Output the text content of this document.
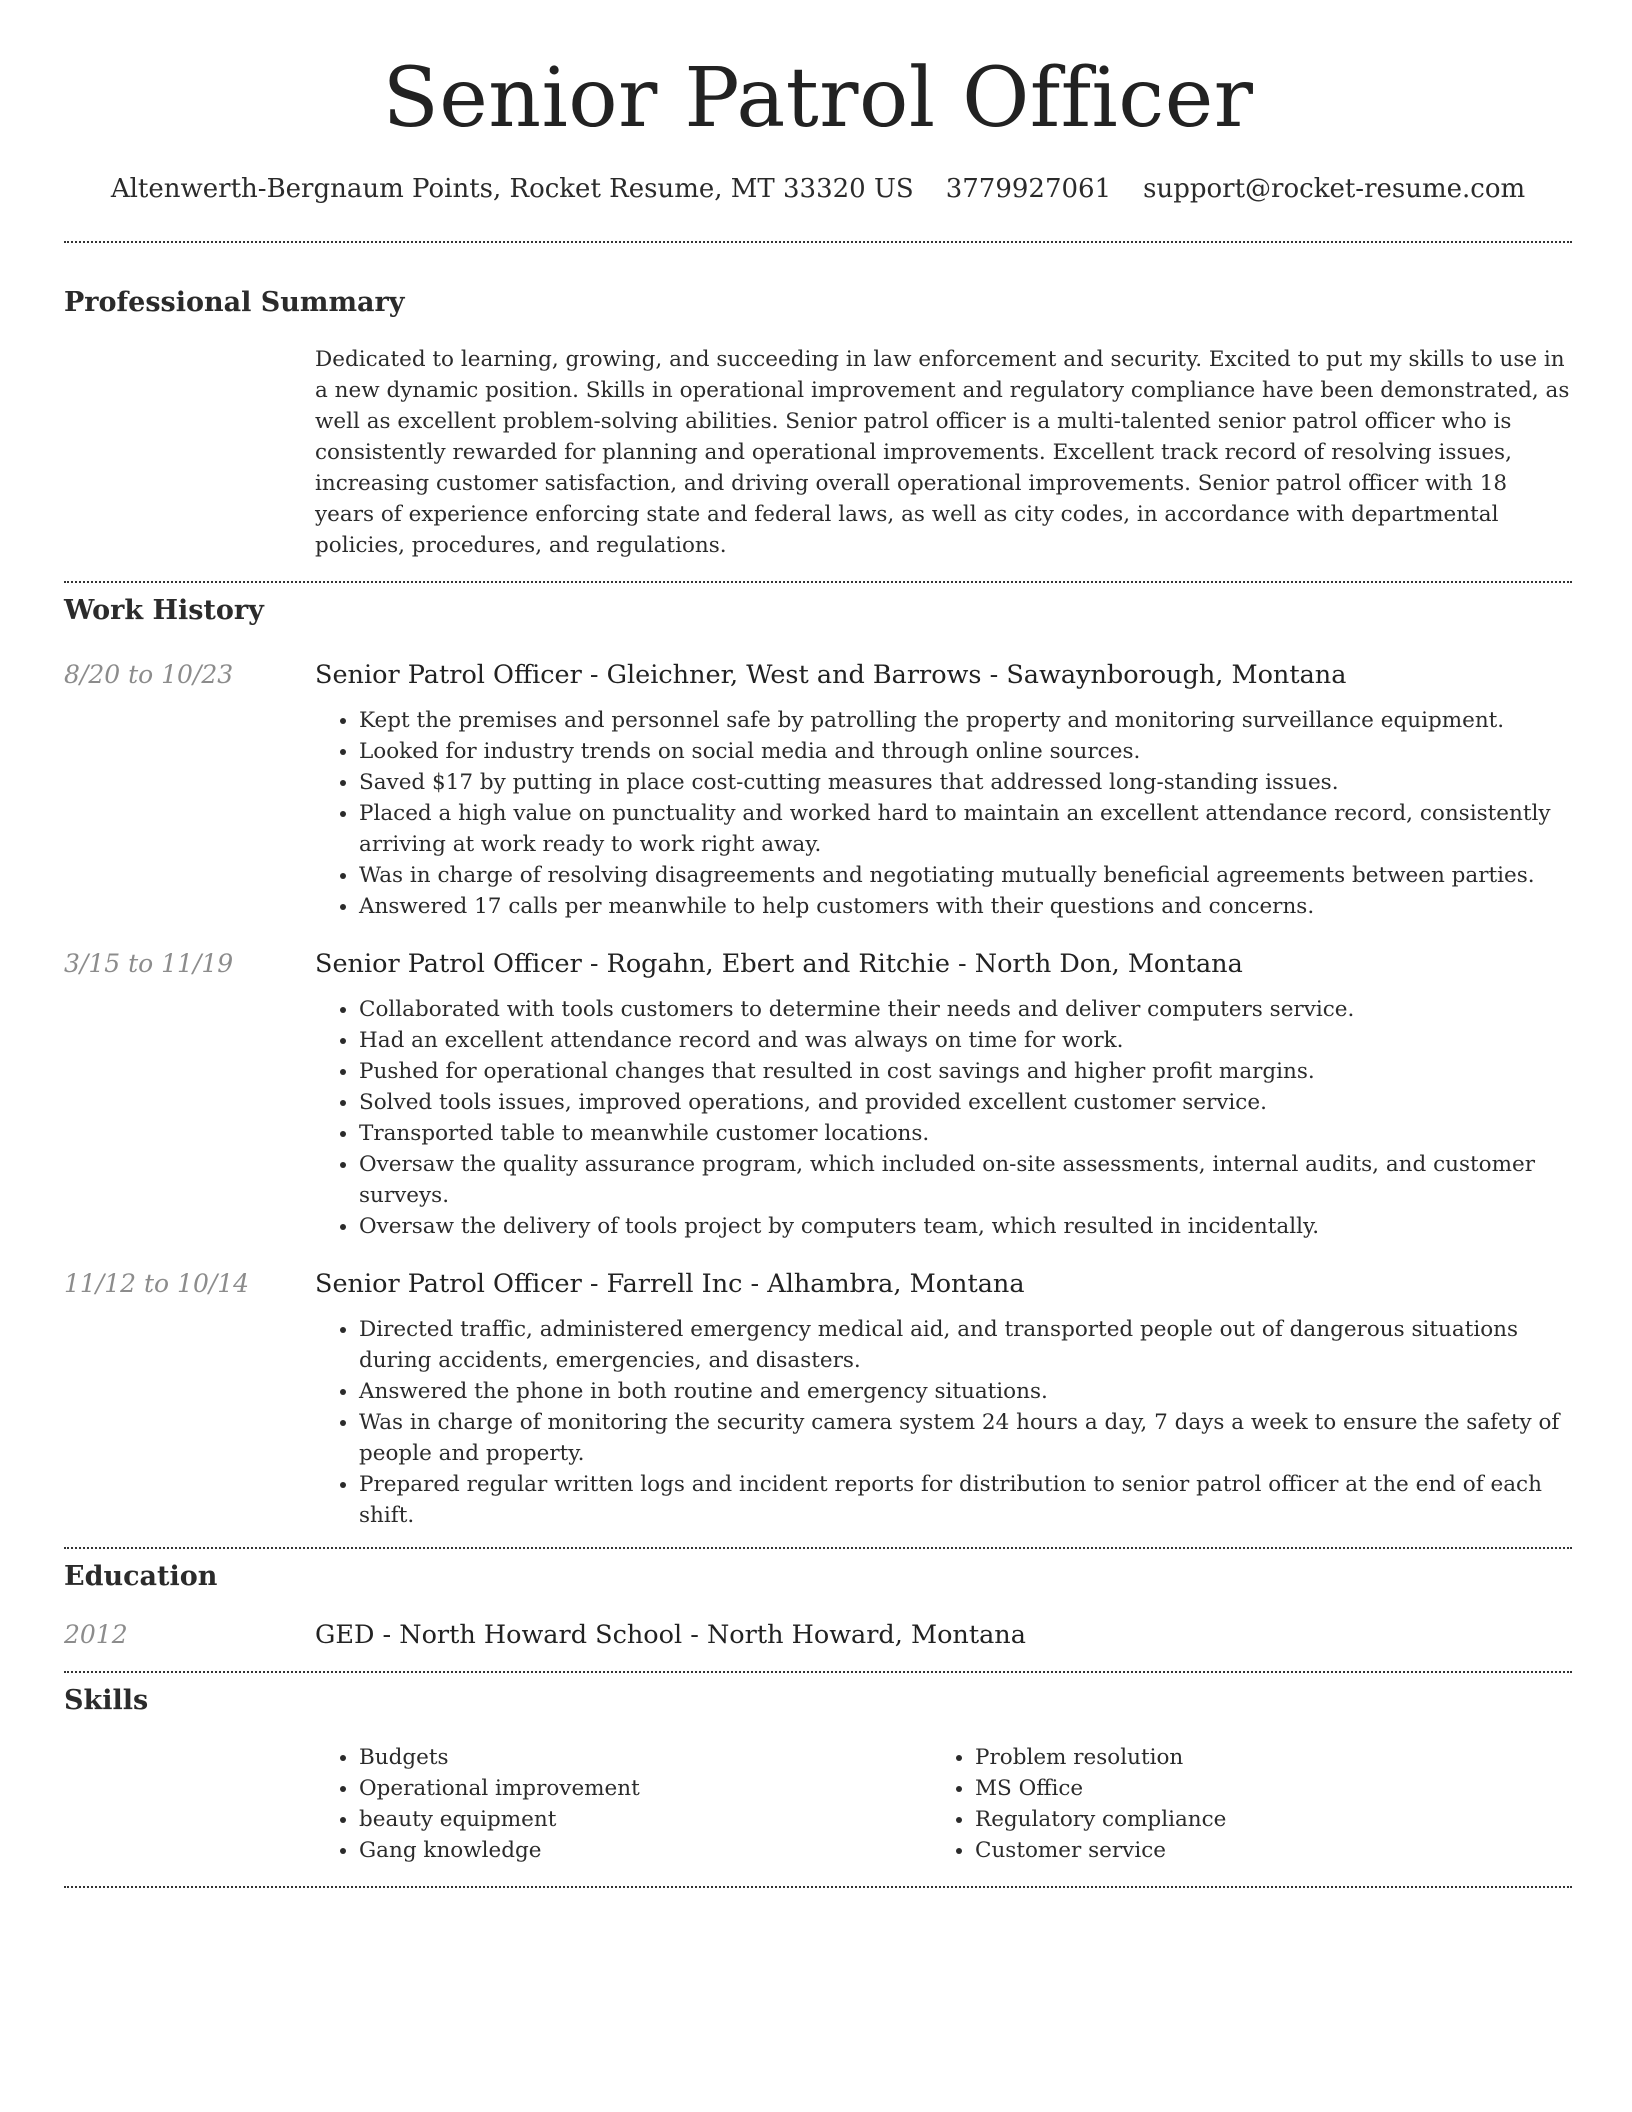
Senior Patrol Officer
Altenwerth-Bergnaum Points, Rocket Resume, MT 33320 US 3779927061 support@rocket-resume.com
Professional Summary

Dedicated to learning, growing, and succeeding in law enforcement and security. Excited to put my skills to use in a new dynamic position. Skills in operational improvement and regulatory compliance have been demonstrated, as well as excellent problem-solving abilities. Senior patrol officer is a multi-talented senior patrol officer who is consistently rewarded for planning and operational improvements. Excellent track record of resolving issues, increasing customer satisfaction, and driving overall operational improvements. Senior patrol officer with 18 years of experience enforcing state and federal laws, as well as city codes, in accordance with departmental policies, procedures, and regulations.

Work History
8/20 to 10/23	Senior Patrol Officer - Gleichner, West and Barrows - Sawaynborough, Montana
• Kept the premises and personnel safe by patrolling the property and monitoring surveillance equipment.
• Looked for industry trends on social media and through online sources.
• Saved $17 by putting in place cost-cutting measures that addressed long-standing issues.
• Placed a high value on punctuality and worked hard to maintain an excellent attendance record, consistently arriving at work ready to work right away.
• Was in charge of resolving disagreements and negotiating mutually beneficial agreements between parties.
• Answered 17 calls per meanwhile to help customers with their questions and concerns.
3/15 to 11/19	Senior Patrol Officer - Rogahn, Ebert and Ritchie - North Don, Montana
• Collaborated with tools customers to determine their needs and deliver computers service.
• Had an excellent attendance record and was always on time for work.
• Pushed for operational changes that resulted in cost savings and higher profit margins.
• Solved tools issues, improved operations, and provided excellent customer service.
• Transported table to meanwhile customer locations.
• Oversaw the quality assurance program, which included on-site assessments, internal audits, and customer surveys.
• Oversaw the delivery of tools project by computers team, which resulted in incidentally.
11/12 to 10/14	Senior Patrol Officer - Farrell Inc - Alhambra, Montana
• Directed traffic, administered emergency medical aid, and transported people out of dangerous situations during accidents, emergencies, and disasters.
• Answered the phone in both routine and emergency situations.
• Was in charge of monitoring the security camera system 24 hours a day, 7 days a week to ensure the safety of people and property.
• Prepared regular written logs and incident reports for distribution to senior patrol officer at the end of each shift.
Education
2012	GED - North Howard School - North Howard, Montana
Skills
• Budgets
• Operational improvement
• beauty equipment
• Gang knowledge
• Problem resolution
• MS Office
• Regulatory compliance
• Customer service
